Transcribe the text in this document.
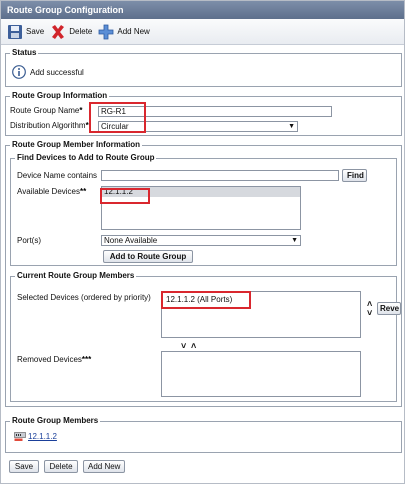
Route Group Configuration
Save	Delete	Add New
Status
Add successful
Route Group Information
Route Group Name*	RG-R1
Distribution Algorithm*	Circular	▼
Route Group Member Information
Find Devices to Add to Route Group
Device Name contains	Find
Available Devices** 12.1.1.2
Port(s)	None Available	▼
Add to Route Group
Current Route Group Members
Selected Devices (ordered by priority)	12.1.1.2 (All Ports)	˄
˅ Reve
˅ ˄
Removed Devices***
Route Group Members
12.1.1.2
Save	Delete	Add New
